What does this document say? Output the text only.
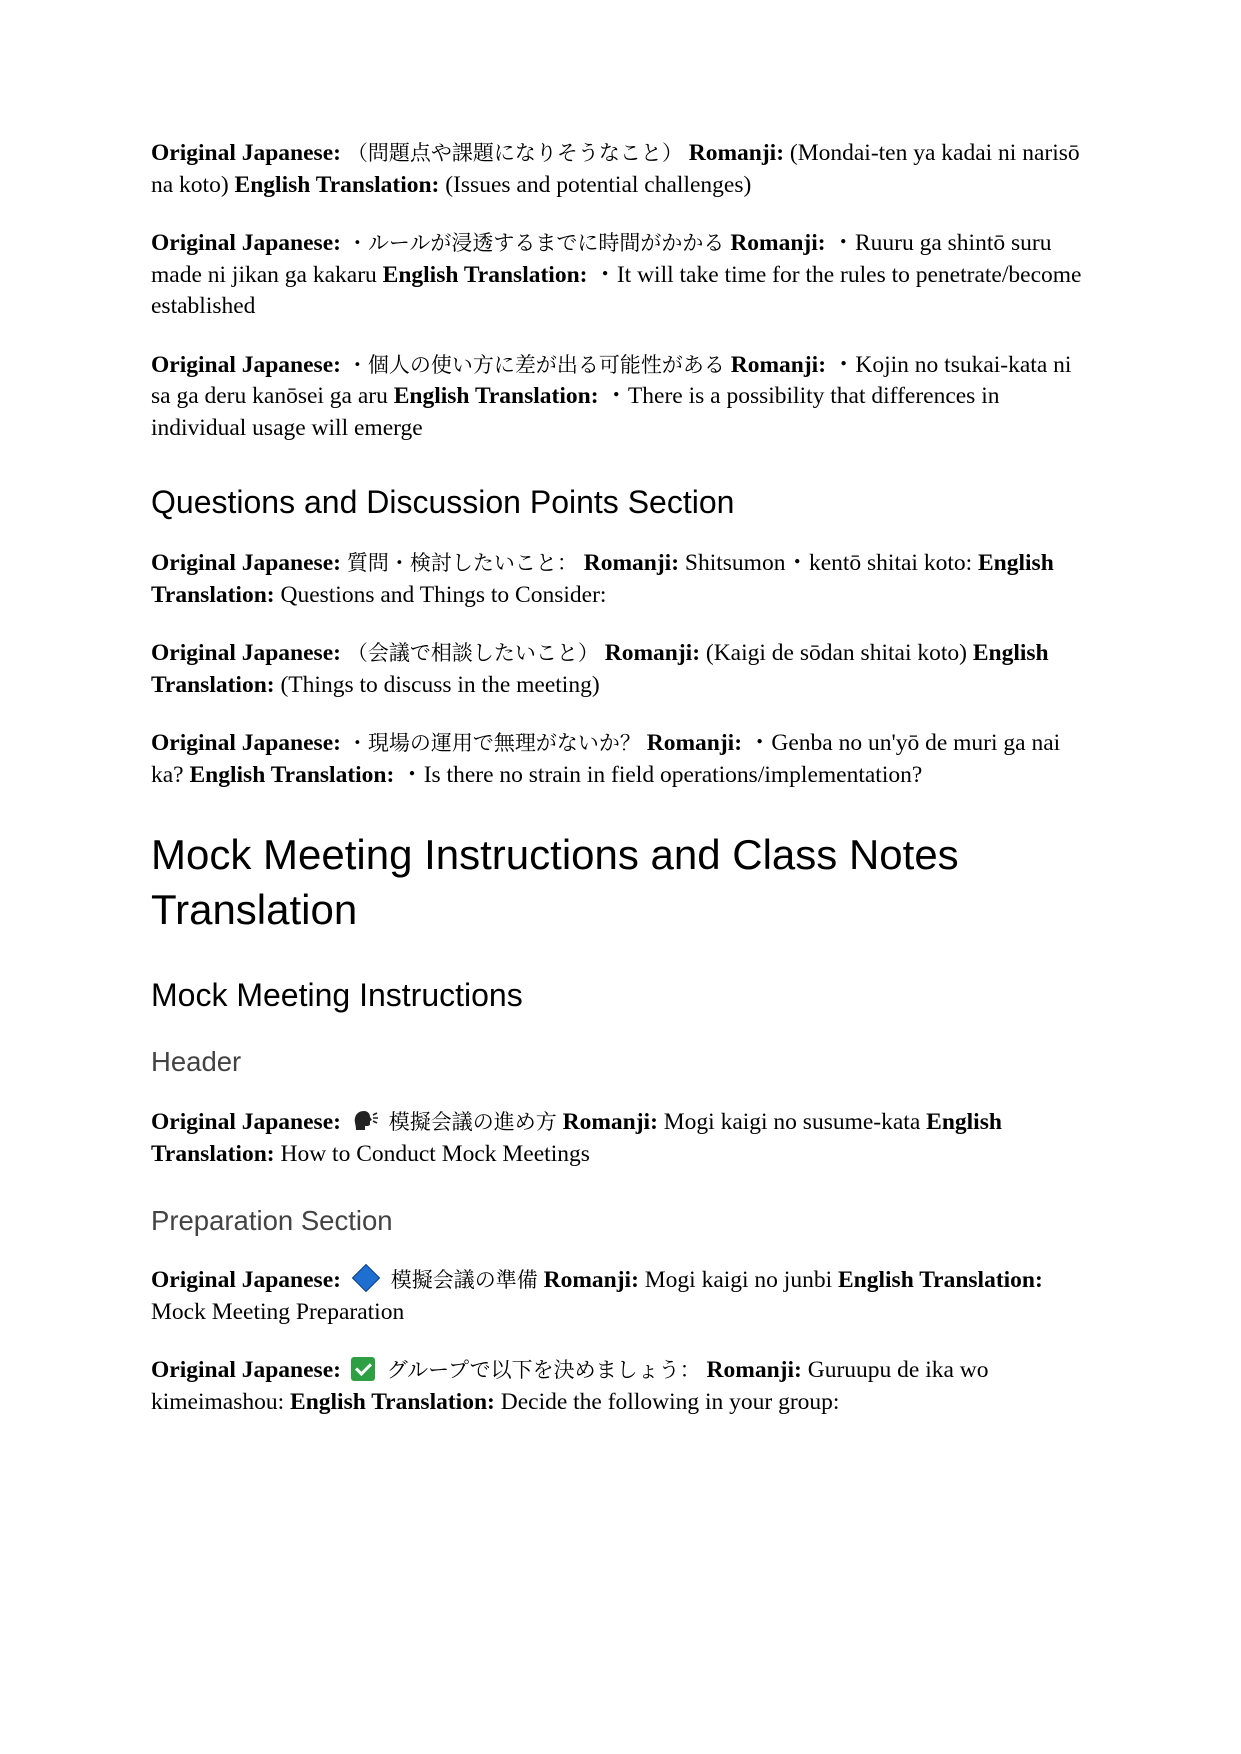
Original Japanese: （問題点や課題になりそうなこと） Romanji: (Mondai-ten ya kadai ni narisō na koto) English Translation: (Issues and potential challenges)

Original Japanese: ・ルールが浸透するまでに時間がかかる Romanji: ・Ruuru ga shintō suru made ni jikan ga kakaru English Translation: ・It will take time for the rules to penetrate/become established

Original Japanese: ・個人の使い方に差が出る可能性がある Romanji: ・Kojin no tsukai-kata ni sa ga deru kanōsei ga aru English Translation: ・There is a possibility that differences in individual usage will emerge

Questions and Discussion Points Section

Original Japanese: 質問・検討したいこと： Romanji: Shitsumon・kentō shitai koto: English Translation: Questions and Things to Consider:

Original Japanese: （会議で相談したいこと） Romanji: (Kaigi de sōdan shitai koto) English Translation: (Things to discuss in the meeting)

Original Japanese: ・現場の運用で無理がないか？ Romanji: ・Genba no un'yō de muri ga nai ka? English Translation: ・Is there no strain in field operations/implementation?

Mock Meeting Instructions and Class Notes Translation
Mock Meeting Instructions
Header

Original Japanese: 模擬会議の進め方 Romanji: Mogi kaigi no susume-kata English Translation: How to Conduct Mock Meetings

Preparation Section

Original Japanese: 模擬会議の準備 Romanji: Mogi kaigi no junbi English Translation: Mock Meeting Preparation

Original Japanese: グループで以下を決めましょう： Romanji: Guruupu de ika wo kimeimashou: English Translation: Decide the following in your group:
